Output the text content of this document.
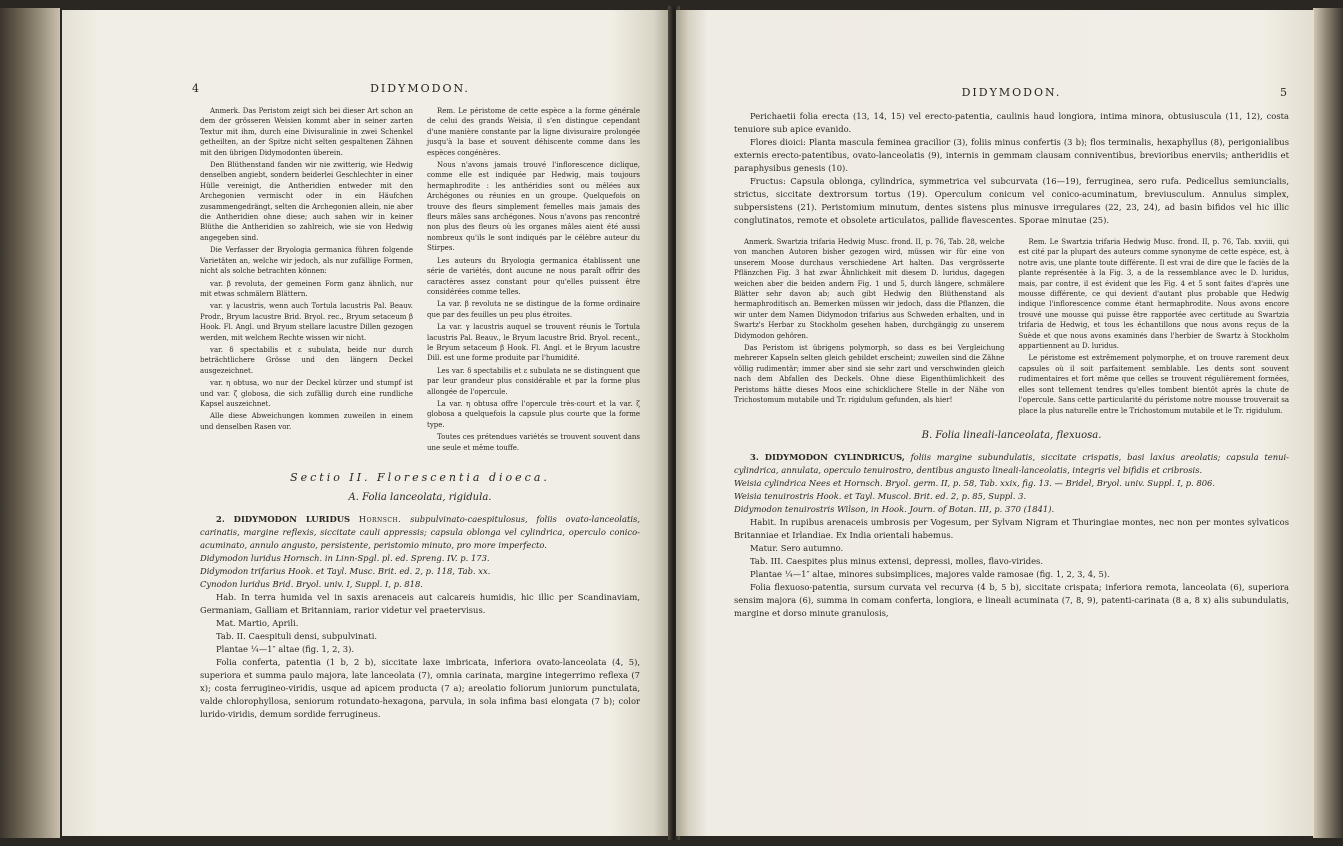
4	DIDYMODON.

Anmerk. Das Peristom zeigt sich bei dieser Art schon an dem der grösseren Weisien kommt aber in seiner zarten Textur mit ihm, durch eine Divisuralinie in zwei Schenkel getheilten, an der Spitze nicht selten gespaltenen Zähnen mit den übrigen Didymodonten überein.

Den Blüthenstand fanden wir nie zwitterig, wie Hedwig denselben angiebt, sondern beiderlei Geschlechter in einer Hülle vereinigt, die Antheridien entweder mit den Archegonien vermischt oder in ein Häufchen zusammengedrängt, selten die Archegonien allein, nie aber die Antheridien ohne diese; auch sahen wir in keiner Blüthe die Antheridien so zahlreich, wie sie von Hedwig angegeben sind.

Die Verfasser der Bryologia germanica führen folgende Varietäten an, welche wir jedoch, als nur zufällige Formen, nicht als solche betrachten können:

var. β revoluta, der gemeinen Form ganz ähnlich, nur mit etwas schmälern Blättern.

var. γ lacustris, wenn auch Tortula lacustris Pal. Beauv. Prodr., Bryum lacustre Brid. Bryol. rec., Bryum setaceum β Hook. Fl. Angl. und Bryum stellare lacustre Dillen gezogen werden, mit welchem Rechte wissen wir nicht.

var. δ spectabilis et ε subulata, beide nur durch beträchtlichere Grösse und den längern Deckel ausgezeichnet.

var. η obtusa, wo nur der Deckel kürzer und stumpf ist und var. ζ globosa, die sich zufällig durch eine rundliche Kapsel auszeichnet.

Alle diese Abweichungen kommen zuweilen in einem und denselben Rasen vor.

Rem. Le péristome de cette espèce a la forme générale de celui des grands Weisia, il s'en distingue cependant d'une manière constante par la ligne divisuraire prolongée jusqu'à la base et souvent déhiscente comme dans les espèces congénères.

Nous n'avons jamais trouvé l'inflorescence diclique, comme elle est indiquée par Hedwig, mais toujours hermaphrodite : les anthéridies sont ou mêlées aux Archégones ou réunies en un groupe. Quelquefois on trouve des fleurs simplement femelles mais jamais des fleurs mâles sans archégones. Nous n'avons pas rencontré non plus des fleurs où les organes mâles aient été aussi nombreux qu'ils le sont indiqués par le célèbre auteur du Stirpes.

Les auteurs du Bryologia germanica établissent une série de variétés, dont aucune ne nous paraît offrir des caractères assez constant pour qu'elles puissent être considérées comme telles.

La var. β revoluta ne se distingue de la forme ordinaire que par des feuilles un peu plus étroites.

La var. γ lacustris auquel se trouvent réunis le Tortula lacustris Pal. Beauv., le Bryum lacustre Brid. Bryol. recent., le Bryum setaceum β Hook. Fl. Angl. et le Bryum lacustre Dill. est une forme produite par l'humidité.

Les var. δ spectabilis et ε subulata ne se distinguent que par leur grandeur plus considérable et par la forme plus allongée de l'opercule.

La var. η obtusa offre l'opercule très-court et la var. ζ globosa a quelquefois la capsule plus courte que la forme type.

Toutes ces prétendues variétés se trouvent souvent dans une seule et même touffe.

Sectio II. Florescentia dioeca.
A. Folia lanceolata, rigidula.

2. DIDYMODON LURIDUS Hornsch. subpulvinato-caespitulosus, foliis ovato-lanceolatis, carinatis, margine reflexis, siccitate cauli appressis; capsula oblonga vel cylindrica, operculo conico-acuminato, annulo angusto, persistente, peristomio minuto, pro more imperfecto.

Didymodon luridus Hornsch. in Linn-Spgl. pl. ed. Spreng. IV. p. 173.

Didymodon trifarius Hook. et Tayl. Musc. Brit. ed. 2, p. 118, Tab. xx.

Cynodon luridus Brid. Bryol. univ. I, Suppl. I, p. 818.

Hab. In terra humida vel in saxis arenaceis aut calcareis humidis, hic illic per Scandinaviam, Germaniam, Galliam et Britanniam, rarior videtur vel praetervisus.

Mat. Martio, Aprili.

Tab. II. Caespituli densi, subpulvinati.

Plantae ¼—1″ altae (fig. 1, 2, 3).

Folia conferta, patentia (1 b, 2 b), siccitate laxe imbricata, inferiora ovato-lanceolata (4, 5), superiora et summa paulo majora, late lanceolata (7), omnia carinata, margine integerrimo reflexa (7 x); costa ferrugineo-viridis, usque ad apicem producta (7 a); areolatio foliorum juniorum punctulata, valde chlorophyllosa, seniorum rotundato-hexagona, parvula, in sola infima basi elongata (7 b); color lurido-viridis, demum sordide ferrugineus.

DIDYMODON.	5

Perichaetii folia erecta (13, 14, 15) vel erecto-patentia, caulinis haud longiora, intima minora, obtusiuscula (11, 12), costa tenuiore sub apice evanido.

Flores dioici: Planta mascula feminea gracilior (3), foliis minus confertis (3 b); flos terminalis, hexaphyllus (8), perigonialibus externis erecto-patentibus, ovato-lanceolatis (9), internis in gemmam clausam conniventibus, brevioribus enerviis; antheridiis et paraphysibus genesis (10).

Fructus: Capsula oblonga, cylindrica, symmetrica vel subcurvata (16—19), ferruginea, sero rufa. Pedicellus semiuncialis, strictus, siccitate dextrorsum tortus (19). Operculum conicum vel conico-acuminatum, breviusculum. Annulus simplex, subpersistens (21). Peristomium minutum, dentes sistens plus minusve irregulares (22, 23, 24), ad basin bifidos vel hic illic conglutinatos, remote et obsolete articulatos, pallide flavescentes. Sporae minutae (25).

Anmerk. Swartzia trifaria Hedwig Musc. frond. II, p. 76, Tab. 28, welche von manchen Autoren bisher gezogen wird, müssen wir für eine von unserem Moose durchaus verschiedene Art halten. Das vergrösserte Pflänzchen Fig. 3 hat zwar Ähnlichkeit mit diesem D. luridus, dagegen weichen aber die beiden andern Fig. 1 und 5, durch längere, schmälere Blätter sehr davon ab; auch gibt Hedwig den Blüthenstand als hermaphroditisch an. Bemerken müssen wir jedoch, dass die Pflanzen, die wir unter dem Namen Didymodon trifarius aus Schweden erhalten, und in Swartz's Herbar zu Stockholm gesehen haben, durchgängig zu unserem Didymodon gehören.

Das Peristom ist übrigens polymorph, so dass es bei Vergleichung mehrerer Kapseln selten gleich gebildet erscheint; zuweilen sind die Zähne völlig rudimentär; immer aber sind sie sehr zart und verschwinden gleich nach dem Abfallen des Deckels. Ohne diese Eigenthümlichkeit des Peristoms hätte dieses Moos eine schicklichere Stelle in der Nähe von Trichostomum mutabile und Tr. rigidulum gefunden, als hier!

Rem. Le Swartzia trifaria Hedwig Musc. frond. II, p. 76, Tab. xxviii, qui est cité par la plupart des auteurs comme synonyme de cette espèce, est, à notre avis, une plante toute différente. Il est vrai de dire que le faciès de la plante représentée à la Fig. 3, a de la ressemblance avec le D. luridus, mais, par contre, il est évident que les Fig. 4 et 5 sont faites d'après une mousse différente, ce qui devient d'autant plus probable que Hedwig indique l'inflorescence comme étant hermaphrodite. Nous avons encore trouvé une mousse qui puisse être rapportée avec certitude au Swartzia trifaria de Hedwig, et tous les échantillons que nous avons reçus de la Suède et que nous avons examinés dans l'herbier de Swartz à Stockholm appartiennent au D. luridus.

Le péristome est extrêmement polymorphe, et on trouve rarement deux capsules où il soit parfaitement semblable. Les dents sont souvent rudimentaires et fort même que celles se trouvent régulièrement formées, elles sont tellement tendres qu'elles tombent bientôt après la chute de l'opercule. Sans cette particularité du péristome notre mousse trouverait sa place la plus naturelle entre le Trichostomum mutabile et le Tr. rigidulum.

B. Folia lineali-lanceolata, flexuosa.

3. DIDYMODON CYLINDRICUS, foliis margine subundulatis, siccitate crispatis, basi laxius areolatis; capsula tenui-cylindrica, annulata, operculo tenuirostro, dentibus angusto lineali-lanceolatis, integris vel bifidis et cribrosis.

Weisia cylindrica Nees et Hornsch. Bryol. germ. II, p. 58, Tab. xxix, fig. 13. — Bridel, Bryol. univ. Suppl. I, p. 806.

Weisia tenuirostris Hook. et Tayl. Muscol. Brit. ed. 2, p. 85, Suppl. 3.

Didymodon tenuirostris Wilson, in Hook. Journ. of Botan. III, p. 370 (1841).

Habit. In rupibus arenaceis umbrosis per Vogesum, per Sylvam Nigram et Thuringiae montes, nec non per montes sylvaticos Britanniae et Irlandiae. Ex India orientali habemus.

Matur. Sero autumno.

Tab. III. Caespites plus minus extensi, depressi, molles, flavo-virides.

Plantae ¼—1″ altae, minores subsimplices, majores valde ramosae (fig. 1, 2, 3, 4, 5).

Folia flexuoso-patentia, sursum curvata vel recurva (4 b, 5 b), siccitate crispata; inferiora remota, lanceolata (6), superiora sensim majora (6), summa in comam conferta, longiora, e lineali acuminata (7, 8, 9), patenti-carinata (8 a, 8 x) alis subundulatis, margine et dorso minute granulosis,
